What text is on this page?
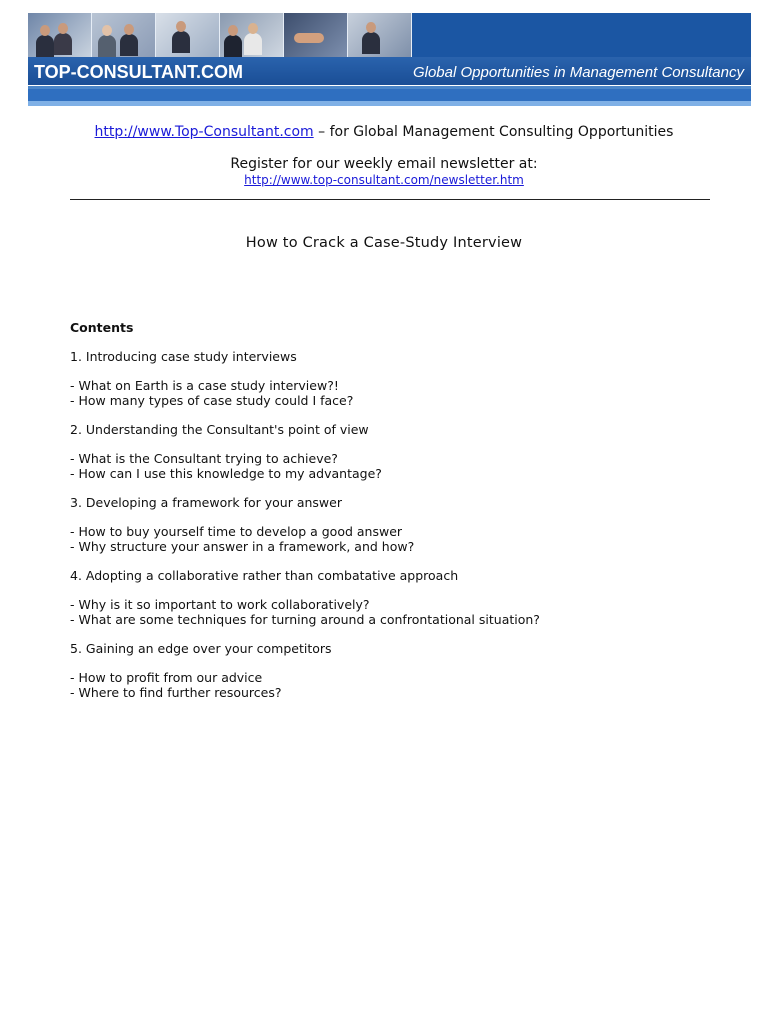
TOP-CONSULTANT.COM	Global Opportunities in Management Consultancy
http://www.Top-Consultant.com – for Global Management Consulting Opportunities
Register for our weekly email newsletter at:
http://www.top-consultant.com/newsletter.htm
How to Crack a Case-Study Interview

Contents

1. Introducing case study interviews
- What on Earth is a case study interview?!
- How many types of case study could I face?
2. Understanding the Consultant's point of view
- What is the Consultant trying to achieve?
- How can I use this knowledge to my advantage?
3. Developing a framework for your answer
- How to buy yourself time to develop a good answer
- Why structure your answer in a framework, and how?
4. Adopting a collaborative rather than combatative approach
- Why is it so important to work collaboratively?
- What are some techniques for turning around a confrontational situation?
5. Gaining an edge over your competitors
- How to profit from our advice
- Where to find further resources?
